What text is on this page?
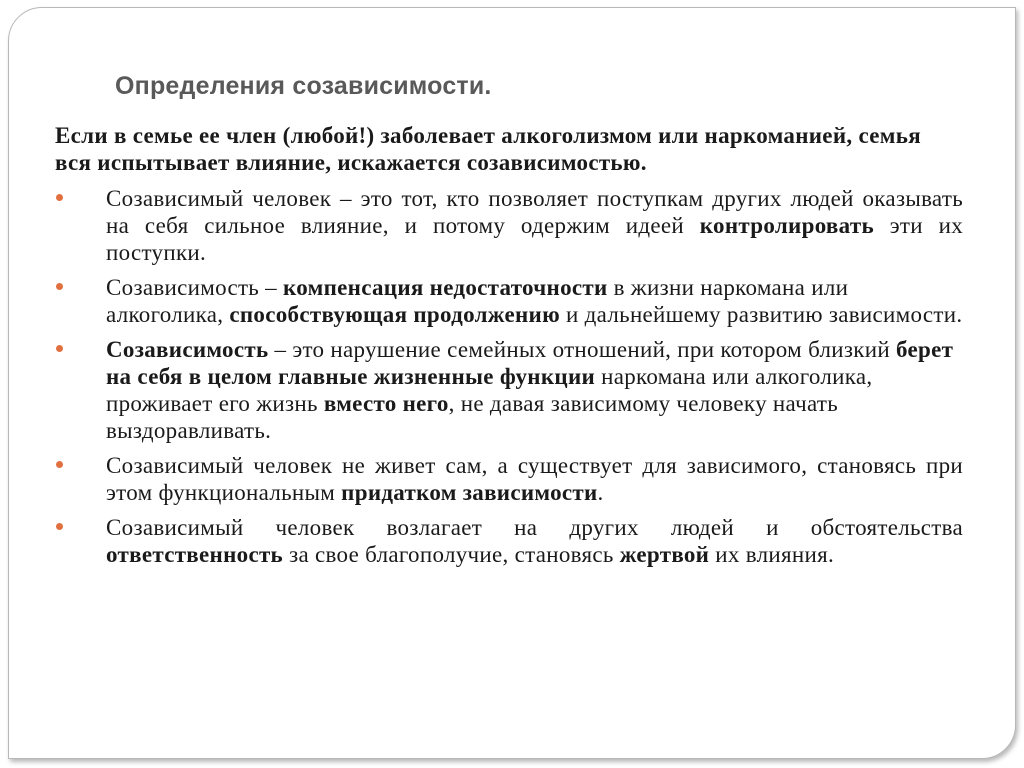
Определения созависимости.

Если в семье ее член (любой!) заболевает алкоголизмом или наркоманией, семья вся испытывает влияние, искажается созависимостью.

Созависимый человек – это тот, кто позволяет поступкам других людей оказывать на себя сильное влияние, и потому одержим идеей контролировать эти их поступки.
Созависимость – компенсация недостаточности в жизни наркомана или алкоголика, способствующая продолжению и дальнейшему развитию зависимости.
Созависимость – это нарушение семейных отношений, при котором близкий берет на себя в целом главные жизненные функции наркомана или алкоголика, проживает его жизнь вместо него, не давая зависимому человеку начать выздоравливать.
Созависимый человек не живет сам, а существует для зависимого, становясь при этом функциональным придатком зависимости.
Созависимый человек возлагает на других людей и обстоятельства ответственность за свое благополучие, становясь жертвой их влияния.
